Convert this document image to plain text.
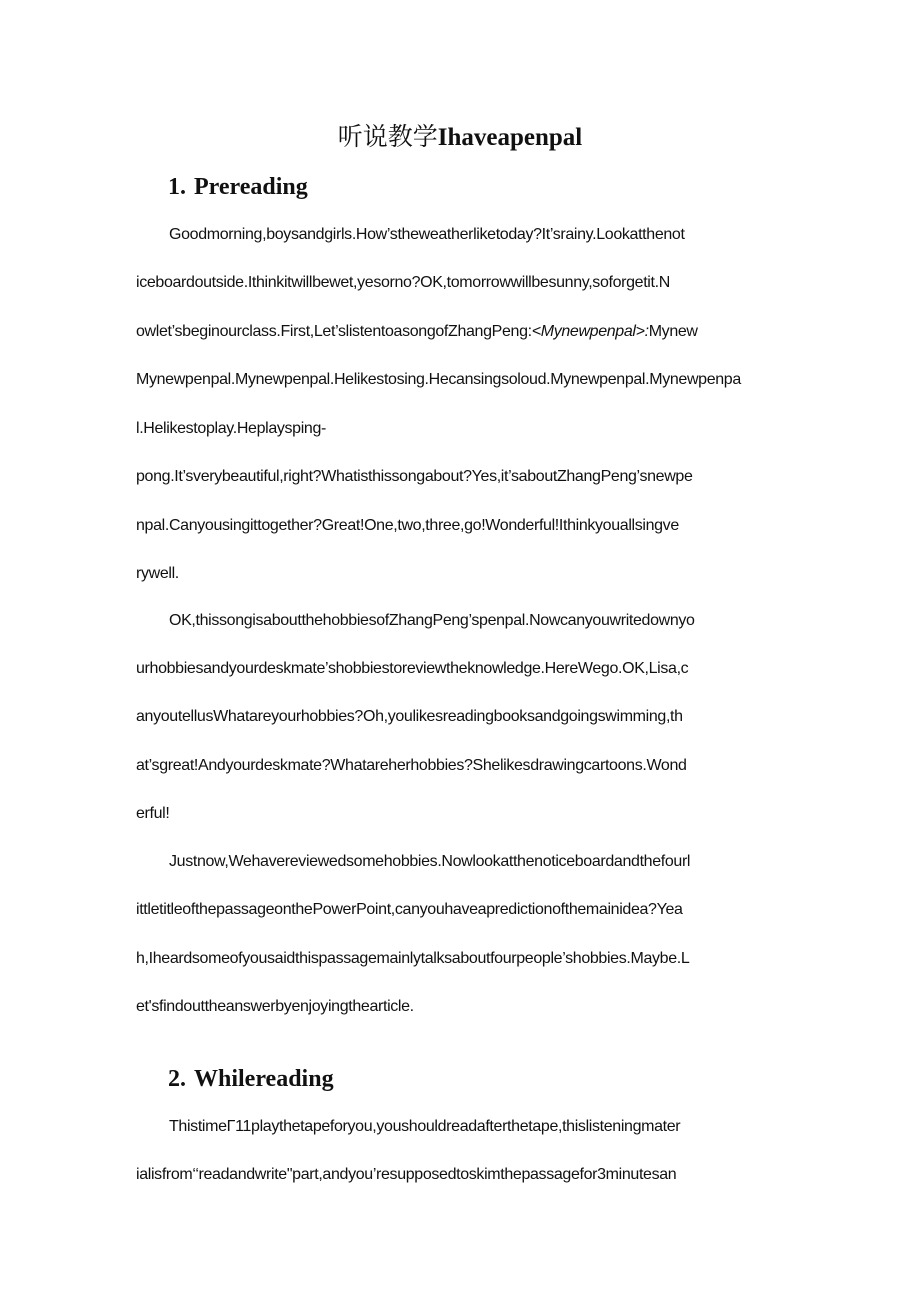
听说教学Ihaveapenpal
1. Prereading
Goodmorning,boysandgirls.How’stheweatherliketoday?It’srainy.Lookatthenot
iceboardoutside.Ithinkitwillbewet,yesorno?OK,tomorrowwillbesunny,soforgetit.N
owlet’sbeginourclass.First,Let’slistentoasongofZhangPeng:<Mynewpenpal>:Mynew
Mynewpenpal.Mynewpenpal.Helikestosing.Hecansingsoloud.Mynewpenpal.Mynewpenpa
l.Helikestoplay.Heplaysping-
pong.It’sverybeautiful,right?Whatisthissongabout?Yes,it’saboutZhangPeng’snewpe
npal.Canyousingittogether?Great!One,two,three,go!Wonderful!Ithinkyouallsingve
rywell.
OK,thissongisaboutthehobbiesofZhangPeng’spenpal.Nowcanyouwritedownyo
urhobbiesandyourdeskmate’shobbiestoreviewtheknowledge.HereWego.OK,Lisa,c
anyoutellusWhatareyourhobbies?Oh,youlikesreadingbooksandgoingswimming,th
at’sgreat!Andyourdeskmate?Whatareherhobbies?Shelikesdrawingcartoons.Wond
erful!
Justnow,Wehavereviewedsomehobbies.Nowlookatthenoticeboardandthefourl
ittletitleofthepassageonthePowerPoint,canyouhaveapredictionofthemainidea?Yea
h,Iheardsomeofyousaidthispassagemainlytalksaboutfourpeople’shobbies.Maybe.L
et'sfindouttheanswerbyenjoyingthearticle.
2. Whilereading
ThistimeΓ11playthetapeforyou,youshouldreadafterthetape,thislisteningmater
ialisfrom‘‘readandwrite"part,andyou’resupposedtoskimthepassagefor3minutesan
